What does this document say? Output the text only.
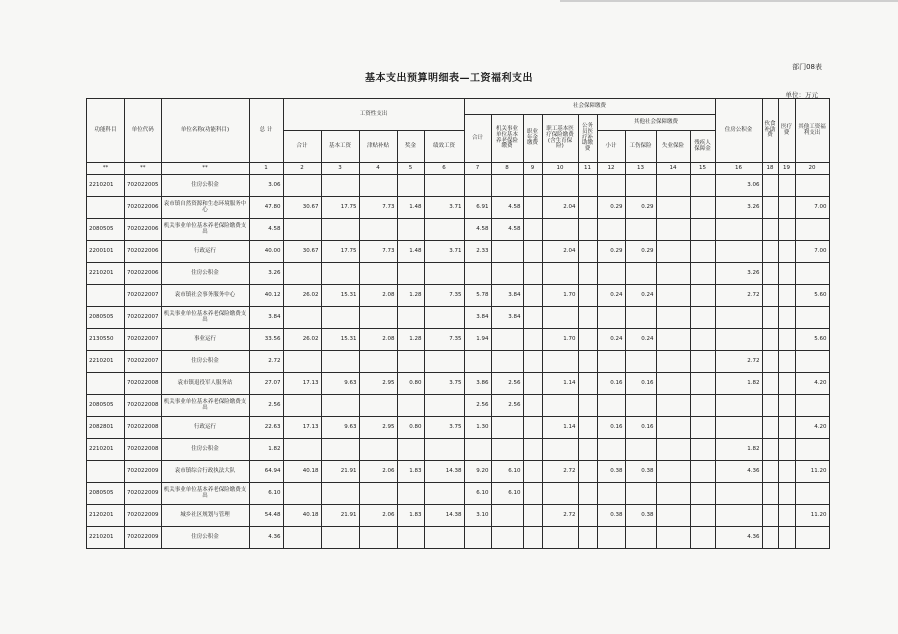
部门08表
基本支出预算明细表—工资福利支出
单位：万元
功能科目	单位代码	单位名称(功能科目)	总 计	工资性支出					社会保障缴费									住房公积金	伙食补助费	医疗费	其他工资福利支出
									合计	机关事业单位基本养老保险缴费	职业年金缴费	职工基本医疗保险缴费(含生育保险)	公务员医疗补助缴费	其他社会保障缴费							
				合计	基本工资	津贴补贴	奖金	绩效工资						小计	工伤保险	失业保险	残疾人保障金				
**	**	**	1	2	3	4	5	6	7	8	9	10	11	12	13	14	15	16	18	19	20
2210201	702022005	住房公积金	3.06															3.06			
	702022006	袁市镇自然资源和生态环境服务中心	47.80	30.67	17.75	7.73	1.48	3.71	6.91	4.58		2.04		0.29	0.29			3.26			7.00
2080505	702022006	机关事业单位基本养老保险缴费支出	4.58						4.58	4.58											
2200101	702022006	行政运行	40.00	30.67	17.75	7.73	1.48	3.71	2.33			2.04		0.29	0.29						7.00
2210201	702022006	住房公积金	3.26															3.26			
	702022007	袁市镇社会事务服务中心	40.12	26.02	15.31	2.08	1.28	7.35	5.78	3.84		1.70		0.24	0.24			2.72			5.60
2080505	702022007	机关事业单位基本养老保险缴费支出	3.84						3.84	3.84											
2130550	702022007	事业运行	33.56	26.02	15.31	2.08	1.28	7.35	1.94			1.70		0.24	0.24						5.60
2210201	702022007	住房公积金	2.72															2.72			
	702022008	袁市镇退役军人服务站	27.07	17.13	9.63	2.95	0.80	3.75	3.86	2.56		1.14		0.16	0.16			1.82			4.20
2080505	702022008	机关事业单位基本养老保险缴费支出	2.56						2.56	2.56											
2082801	702022008	行政运行	22.63	17.13	9.63	2.95	0.80	3.75	1.30			1.14		0.16	0.16						4.20
2210201	702022008	住房公积金	1.82															1.82			
	702022009	袁市镇综合行政执法大队	64.94	40.18	21.91	2.06	1.83	14.38	9.20	6.10		2.72		0.38	0.38			4.36			11.20
2080505	702022009	机关事业单位基本养老保险缴费支出	6.10						6.10	6.10											
2120201	702022009	城乡社区规划与管理	54.48	40.18	21.91	2.06	1.83	14.38	3.10			2.72		0.38	0.38						11.20
2210201	702022009	住房公积金	4.36															4.36			
